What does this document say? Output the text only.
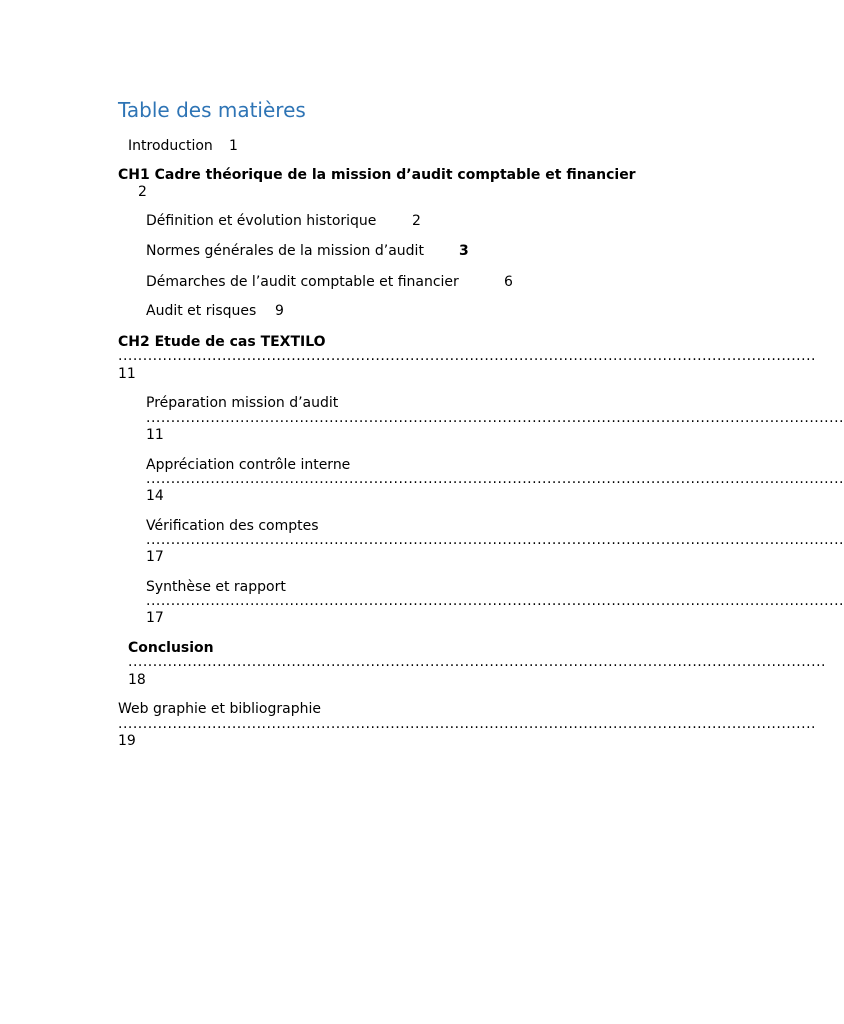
Table des matières
Introduction 1
CH1 Cadre théorique de la mission d’audit comptable et financier
2
Définition et évolution historique	2
Normes générales de la mission d’audit	3
Démarches de l’audit comptable et financier	6
Audit et risques 9
CH2 Etude de cas TEXTILO
.............................................................................................................................................
11
Préparation mission d’audit
.............................................................................................................................................
11
Appréciation contrôle interne
.............................................................................................................................................
14
Vérification des comptes
.............................................................................................................................................
17
Synthèse et rapport
.............................................................................................................................................
17
Conclusion
.............................................................................................................................................
18
Web graphie et bibliographie
.............................................................................................................................................
19
